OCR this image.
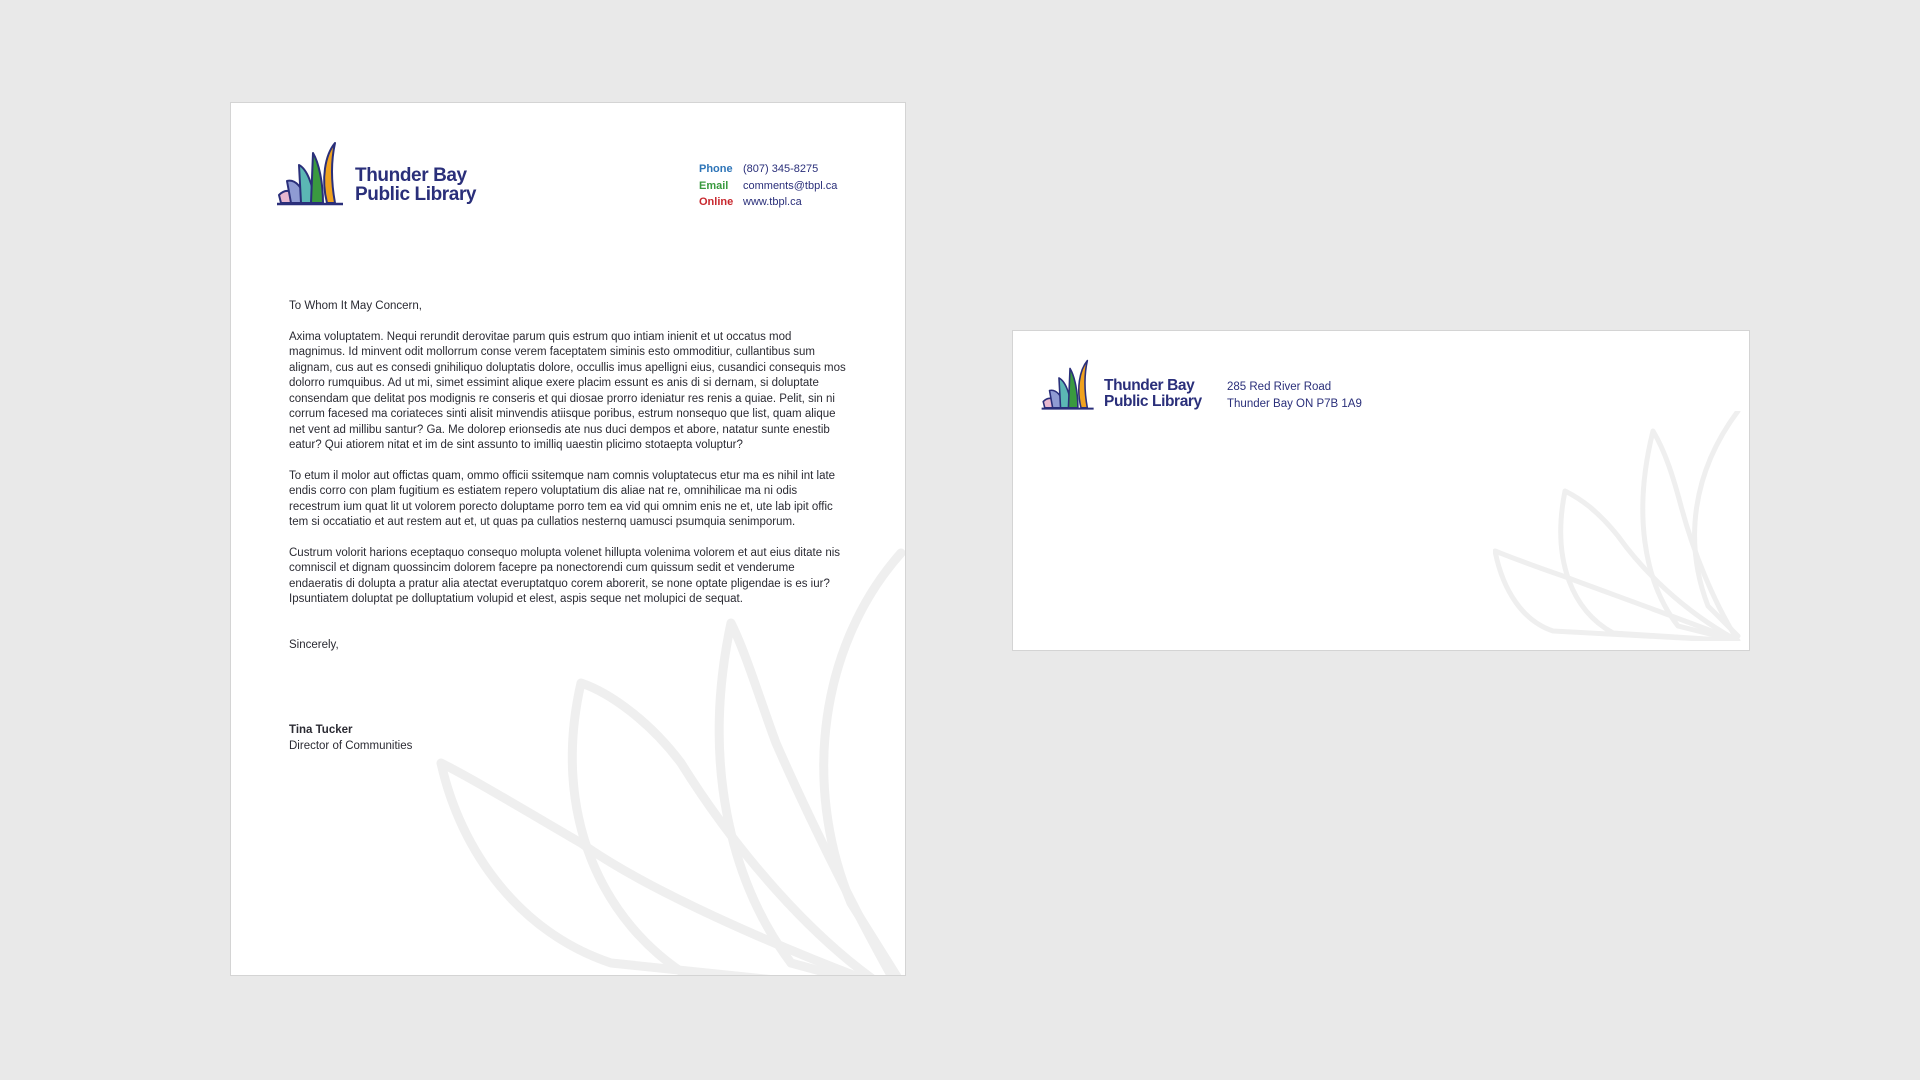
Thunder Bay
Public Library
Phone (807) 345-8275
Email	comments@tbpl.ca
Online www.tbpl.ca

To Whom It May Concern,

Axima voluptatem. Nequi rerundit derovitae parum quis estrum quo intiam inienit et ut occatus mod magnimus. Id minvent odit mollorrum conse verem faceptatem siminis esto ommoditiur, cullantibus sum alignam, cus aut es consedi gnihiliquo doluptatis dolore, occullis imus apelligni eius, cusandici consequis mos dolorro rumquibus. Ad ut mi, simet essimint alique exere placim essunt es anis di si dernam, si doluptate consendam que delitat pos modignis re conseris et qui diosae prorro ideniatur res renis a quiae. Pelit, sin ni corrum facesed ma coriateces sinti alisit minvendis atiisque poribus, estrum nonsequo que list, quam alique net vent ad millibu santur? Ga. Me dolorep erionsedis ate nus duci dempos et abore, natatur sunte enestib eatur? Qui atiorem nitat et im de sint assunto to imilliq uaestin plicimo stotaepta voluptur?

To etum il molor aut offictas quam, ommo officii ssitemque nam comnis voluptatecus etur ma es nihil int late endis corro con plam fugitium es estiatem repero voluptatium dis aliae nat re, omnihilicae ma ni odis recestrum ium quat lit ut volorem porecto doluptame porro tem ea vid qui omnim enis ne et, ute lab ipit offic tem si occatiatio et aut restem aut et, ut quas pa cullatios nesternq uamusci psumquia senimporum.

Custrum volorit harions eceptaquo consequo molupta volenet hillupta volenima volorem et aut eius ditate nis comniscil et dignam quossincim dolorem facepre pa nonectorendi cum quissum sedit et venderume endaeratis di dolupta a pratur alia atectat everuptatquo corem aborerit, se none optate pligendae is es iur? Ipsuntiatem doluptat pe dolluptatium volupid et elest, aspis seque net molupici de sequat.

Sincerely,

Tina Tucker
Director of Communities
Thunder Bay
Public Library
285 Red River Road
Thunder Bay ON P7B 1A9
